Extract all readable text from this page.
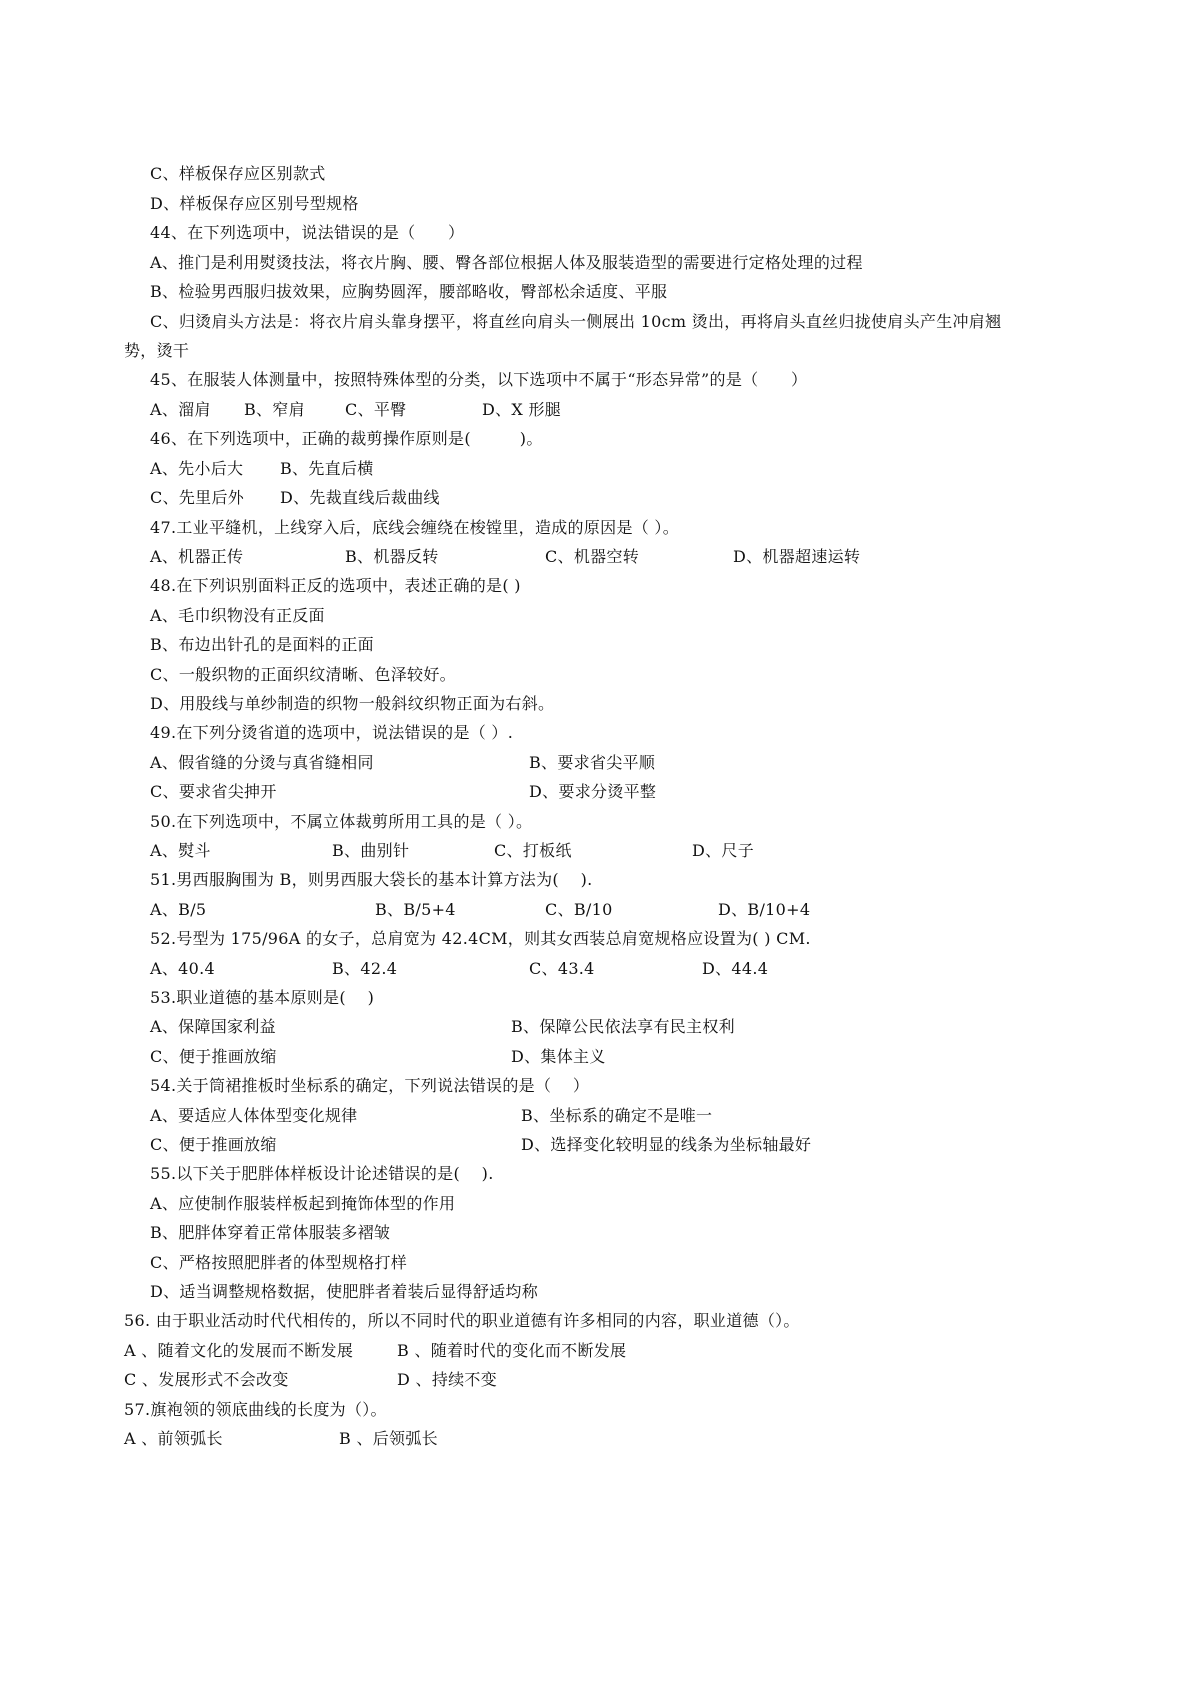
C、样板保存应区别款式
D、样板保存应区别号型规格
44、在下列选项中，说法错误的是（　　）
A、推门是利用熨烫技法，将衣片胸、腰、臀各部位根据人体及服装造型的需要进行定格处理的过程
B、检验男西服归拔效果，应胸势圆浑，腰部略收，臀部松余适度、平服
C、归烫肩头方法是：将衣片肩头靠身摆平，将直丝向肩头一侧展出 10cm 烫出，再将肩头直丝归拢使肩头产生冲肩翘
势，烫干
45、在服装人体测量中，按照特殊体型的分类，以下选项中不属于“形态异常”的是（　　）
A、溜肩 B、窄肩	C、平臀	D、X 形腿
46、在下列选项中，正确的裁剪操作原则是(　　　)。
A、先小后大 B、先直后横
C、先里后外 D、先裁直线后裁曲线
47.工业平缝机，上线穿入后，底线会缠绕在梭镗里，造成的原因是（ ）。
A、机器正传	B、机器反转	C、机器空转	D、机器超速运转
48.在下列识别面料正反的选项中，表述正确的是( )
A、毛巾织物没有正反面
B、布边出针孔的是面料的正面
C、一般织物的正面织纹清晰、色泽较好。
D、用股线与单纱制造的织物一般斜纹织物正面为右斜。
49.在下列分烫省道的选项中，说法错误的是（ ）.
A、假省缝的分烫与真省缝相同	B、要求省尖平顺
C、要求省尖抻开	D、要求分烫平整
50.在下列选项中，不属立体裁剪所用工具的是（ ）。
A、熨斗	B、曲别针	C、打板纸	D、尺子
51.男西服胸围为 B，则男西服大袋长的基本计算方法为(　 ).
A、B/5	B、B/5+4	C、B/10	D、B/10+4
52.号型为 175/96A 的女子，总肩宽为 42.4CM，则其女西装总肩宽规格应设置为( ) CM.
A、40.4	B、42.4	C、43.4	D、44.4
53.职业道德的基本原则是(　 )
A、保障国家利益	B、保障公民依法享有民主权利
C、便于推画放缩	D、集体主义
54.关于筒裙推板时坐标系的确定，下列说法错误的是（　 ）
A、要适应人体体型变化规律	B、坐标系的确定不是唯一
C、便于推画放缩	D、选择变化较明显的线条为坐标轴最好
55.以下关于肥胖体样板设计论述错误的是(　 ).
A、应使制作服装样板起到掩饰体型的作用
B、肥胖体穿着正常体服装多褶皱
C、严格按照肥胖者的体型规格打样
D、适当调整规格数据，使肥胖者着装后显得舒适均称
56. 由于职业活动时代代相传的，所以不同时代的职业道德有许多相同的内容，职业道德（）。
A 、随着文化的发展而不断发展	B 、随着时代的变化而不断发展
C 、发展形式不会改变	D 、持续不变
57.旗袍领的领底曲线的长度为（）。
A 、前领弧长	B 、后领弧长
